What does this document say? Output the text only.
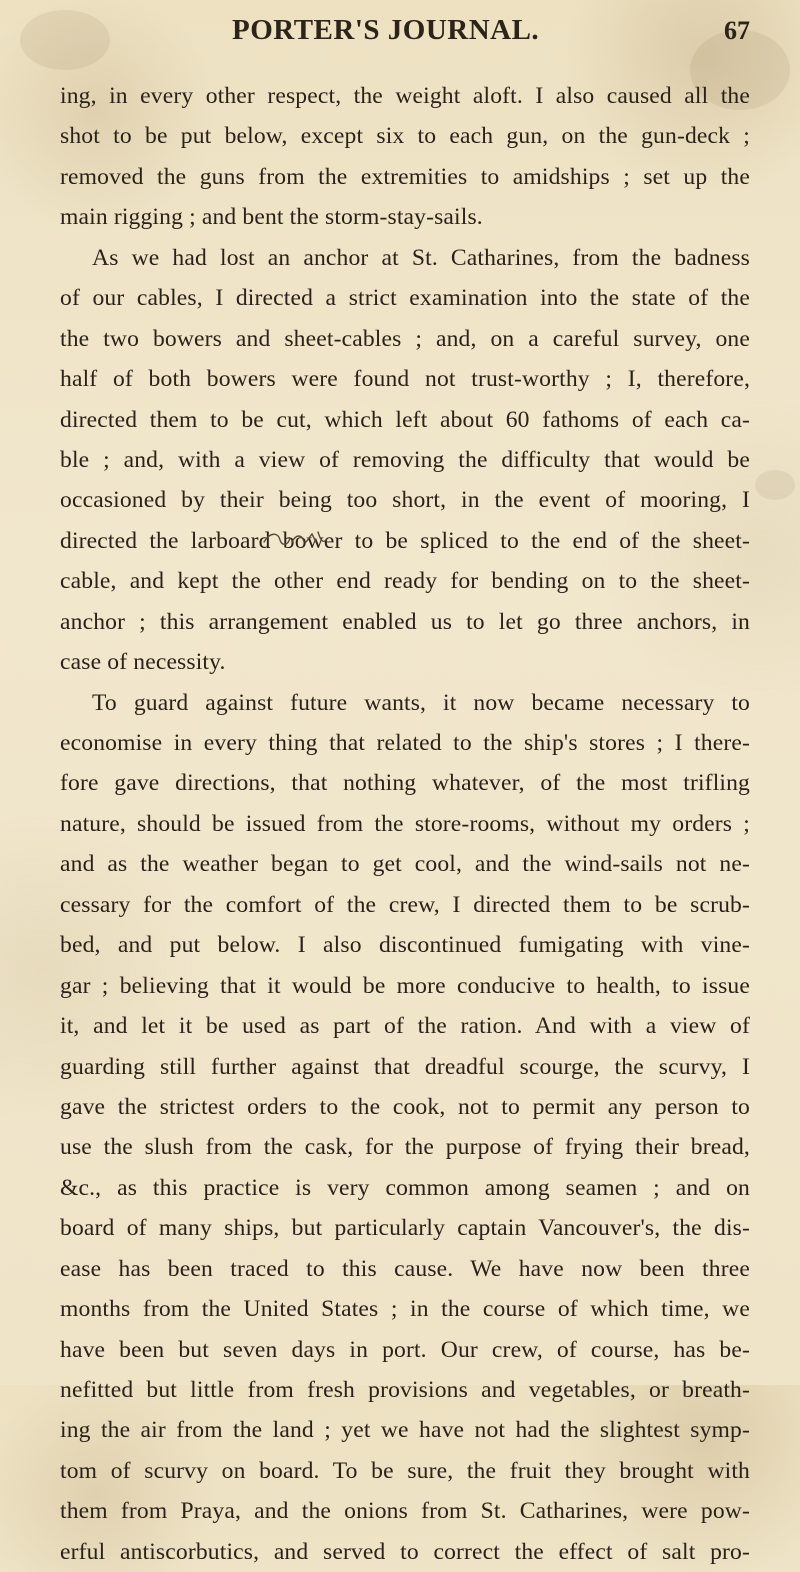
PORTER'S JOURNAL.	67
ing, in every other respect, the weight aloft. I also caused all the
shot to be put below, except six to each gun, on the gun-deck ;
removed the guns from the extremities to amidships ; set up the
main rigging ; and bent the storm-stay-sails.
As we had lost an anchor at St. Catharines, from the badness
of our cables, I directed a strict examination into the state of the
the two bowers and sheet-cables ; and, on a careful survey, one
half of both bowers were found not trust-worthy ; I, therefore,
directed them to be cut, which left about 60 fathoms of each ca-
ble ; and, with a view of removing the difficulty that would be
occasioned by their being too short, in the event of mooring, I
directed the larboard bower to be spliced to the end of the sheet-
cable, and kept the other end ready for bending on to the sheet-
anchor ; this arrangement enabled us to let go three anchors, in
case of necessity.
To guard against future wants, it now became necessary to
economise in every thing that related to the ship's stores ; I there-
fore gave directions, that nothing whatever, of the most trifling
nature, should be issued from the store-rooms, without my orders ;
and as the weather began to get cool, and the wind-sails not ne-
cessary for the comfort of the crew, I directed them to be scrub-
bed, and put below. I also discontinued fumigating with vine-
gar ; believing that it would be more conducive to health, to issue
it, and let it be used as part of the ration. And with a view of
guarding still further against that dreadful scourge, the scurvy, I
gave the strictest orders to the cook, not to permit any person to
use the slush from the cask, for the purpose of frying their bread,
&c., as this practice is very common among seamen ; and on
board of many ships, but particularly captain Vancouver's, the dis-
ease has been traced to this cause. We have now been three
months from the United States ; in the course of which time, we
have been but seven days in port. Our crew, of course, has be-
nefitted but little from fresh provisions and vegetables, or breath-
ing the air from the land ; yet we have not had the slightest symp-
tom of scurvy on board. To be sure, the fruit they brought with
them from Praya, and the onions from St. Catharines, were pow-
erful antiscorbutics, and served to correct the effect of salt pro-
